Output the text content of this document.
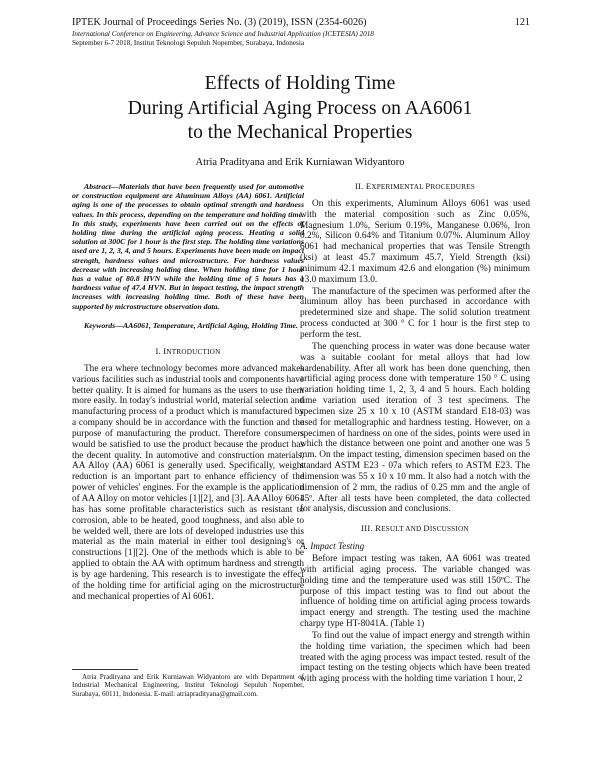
IPTEK Journal of Proceedings Series No. (3) (2019), ISSN (2354-6026)	121
International Conference on Engineering, Advance Science and Industrial Application (ICETESIA) 2018
September 6-7 2018, Institut Teknologi Sepuluh Nopember, Surabaya, Indonesia
Effects of Holding Time
During Artificial Aging Process on AA6061
to the Mechanical Properties
Atria Pradityana and Erik Kurniawan Widyantoro

Abstract—Materials that have been frequently used for automotive or construction equipment are Aluminum Alloys (AA) 6061. Artificial aging is one of the processes to obtain optimal strength and hardness values. In this process, depending on the temperature and holding time. In this study, experiments have been carried out on the effects of holding time during the artificial aging process. Heating a solid solution at 300C for 1 hour is the first step. The holding time variations used are 1, 2, 3, 4, and 5 hours. Experiments have been made on impact strength, hardness values and microstructure. For hardness values decrease with increasing holding time. When holding time for 1 hour has a value of 80.8 HVN while the holding time of 5 hours has a hardness value of 47.4 HVN. But in impact testing, the impact strength increases with increasing holding time. Both of these have been supported by microstructure observation data.

Keywords—AA6061, Temperature, Artificial Aging, Holding Time.

I. INTRODUCTION

The era where technology becomes more advanced makes various facilities such as industrial tools and components have better quality. It is aimed for humans as the users to use them more easily. In today's industrial world, material selection and manufacturing process of a product which is manufactured by a company should be in accordance with the function and the purpose of manufacturing the product. Therefore consumers would be satisfied to use the product because the product has the decent quality. In automotive and construction materials, AA Alloy (AA) 6061 is generally used. Specifically, weight reduction is an important part to enhance efficiency of the power of vehicles' engines. For the example is the application of AA Alloy on motor vehicles [1][2], and [3]. AA Alloy 6061 has has some profitable characteristics such as resistant to corrosion, able to be heated, good toughness, and also able to be welded well, there are lots of developed industries use this material as the main material in either tool designing's or constructions [1][2]. One of the methods which is able to be applied to obtain the AA with optimum hardness and strength is by age hardening. This research is to investigate the effect of the holding time for artificial aging on the microstructure and mechanical properties of Al 6061.

Atria Pradityana and Erik Kurniawan Widyantoro are with Department of Industrial Mechanical Engineering, Institut Teknologi Sepuluh Nopember, Surabaya, 60111, Indonesia. E-mail: atriapradityana@gmail.com.
II. EXPERIMENTAL PROCEDURES

On this experiments, Aluminum Alloys 6061 was used with the material composition such as Zinc 0.05%, Magnesium 1.0%, Serium 0.19%, Manganese 0.06%, Iron 0.2%, Silicon 0.64% and Titanium 0.07%. Aluminum Alloy 6061 had mechanical properties that was Tensile Strength (ksi) at least 45.7 maximum 45.7, Yield Strength (ksi) minimum 42.1 maximum 42.6 and elongation (%) minimum 13.0 maximum 13.0.

The manufacture of the specimen was performed after the aluminum alloy has been purchased in accordance with predetermined size and shape. The solid solution treatment process conducted at 300 ° C for 1 hour is the first step to perform the test.

The quenching process in water was done because water was a suitable coolant for metal alloys that had low hardenability. After all work has been done quenching, then artificial aging process done with temperature 150 ° C using variation holding time 1, 2, 3, 4 and 5 hours. Each holding time variation used iteration of 3 test specimens. The specimen size 25 x 10 x 10 (ASTM standard E18-03) was used for metallographic and hardness testing. However, on a specimen of hardness on one of the sides, points were used in which the distance between one point and another one was 5 mm. On the impact testing, dimension specimen based on the standard ASTM E23 - 07a which refers to ASTM E23. The dimension was 55 x 10 x 10 mm. It also had a notch with the dimension of 2 mm, the radius of 0.25 mm and the angle of 45º. After all tests have been completed, the data collected for analysis, discussion and conclusions.

III. RESULT AND DISCUSSION
A. Impact Testing

Before impact testing was taken, AA 6061 was treated with artificial aging process. The variable changed was holding time and the temperature used was still 150ºC. The purpose of this impact testing was to find out about the influence of holding time on artificial aging process towards impact energy and strength. The testing used the machine charpy type HT-8041A. (Table 1)

To find out the value of impact energy and strength within the holding time variation, the specimen which had been treated with the aging process was impact tested. result of the impact testing on the testing objects which have been treated with aging process with the holding time variation 1 hour, 2
